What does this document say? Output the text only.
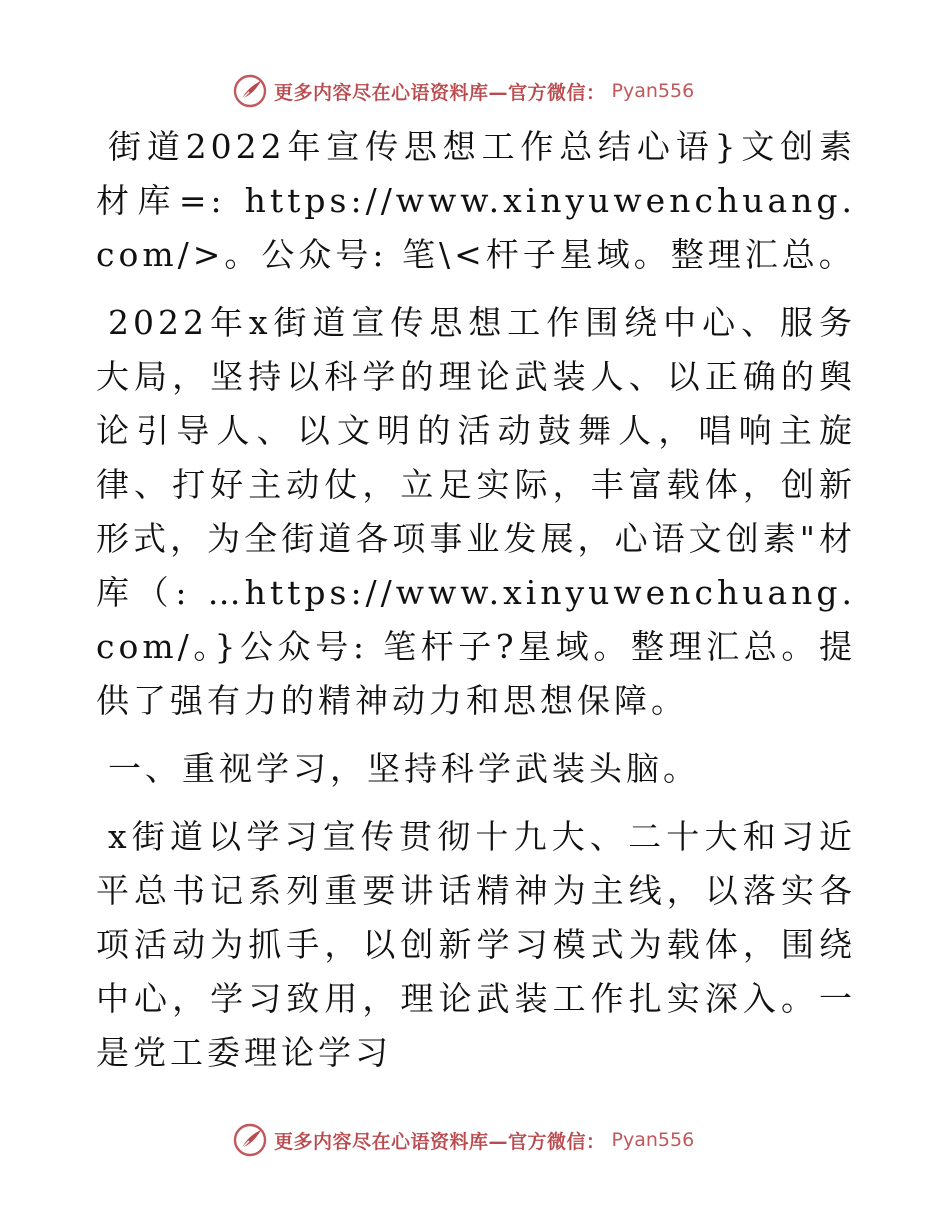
更多内容尽在心语资料库—官方微信： Pyan556

街道2022年宣传思想工作总结心语}文创素材库=: https://www.xinyuwenchuang.com/>。公众号: 笔\<杆子星域。整理汇总。

2022年x街道宣传思想工作围绕中心、服务大局，坚持以科学的理论武装人、以正确的舆论引导人、以文明的活动鼓舞人，唱响主旋律、打好主动仗，立足实际，丰富载体，创新形式，为全街道各项事业发展，心语文创素"材库（: …https://www.xinyuwenchuang.com/。}公众号: 笔杆子?星域。整理汇总。提供了强有力的精神动力和思想保障。

一、重视学习，坚持科学武装头脑。

x街道以学习宣传贯彻十九大、二十大和习近平总书记系列重要讲话精神为主线，以落实各项活动为抓手，以创新学习模式为载体，围绕中心，学习致用，理论武装工作扎实深入。一是党工委理论学习

更多内容尽在心语资料库—官方微信： Pyan556
